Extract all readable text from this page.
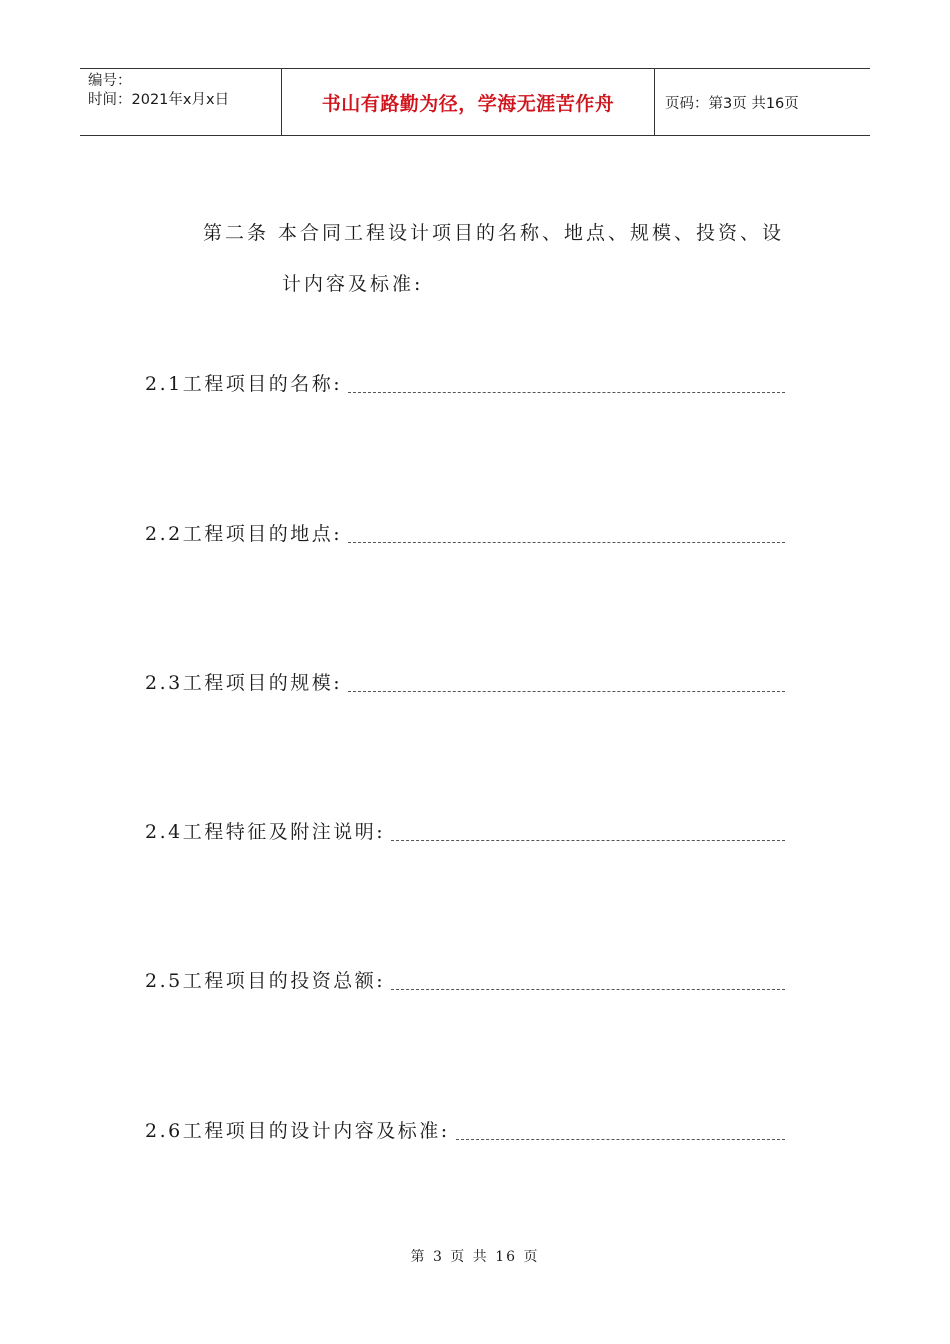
编号：
时间：2021年x月x日	书山有路勤为径，学海无涯苦作舟	页码：第3页 共16页
第二条 本合同工程设计项目的名称、地点、规模、投资、设
计内容及标准:
2.1工程项目的名称:
2.2工程项目的地点:
2.3工程项目的规模:
2.4工程特征及附注说明:
2.5工程项目的投资总额:
2.6工程项目的设计内容及标准:
第 3 页 共 16 页
